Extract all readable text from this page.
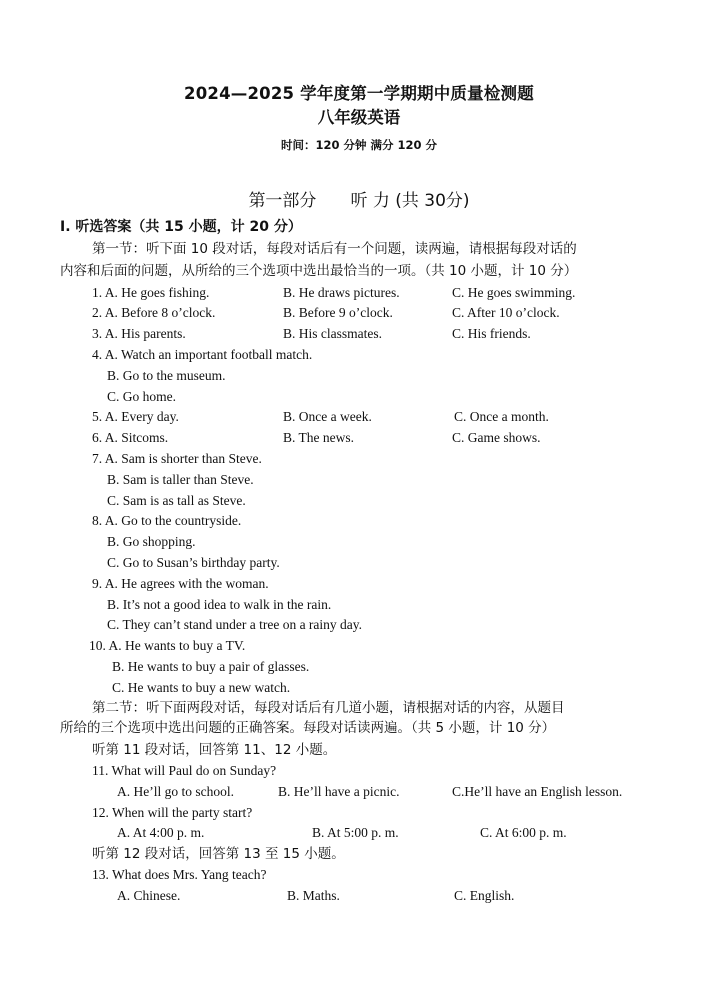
2024—2025 学年度第一学期期中质量检测题
八年级英语
时间：120 分钟 满分 120 分
第一部分 听 力 (共 30分)
I. 听选答案（共 15 小题，计 20 分）
第一节：听下面 10 段对话，每段对话后有一个问题，读两遍，请根据每段对话的
内容和后面的问题，从所给的三个选项中选出最恰当的一项。（共 10 小题，计 10 分）
1. A. He goes fishing.	B. He draws pictures.	C. He goes swimming.
2. A. Before 8 o’clock.	B. Before 9 o’clock.	C. After 10 o’clock.
3. A. His parents.	B. His classmates.	C. His friends.
4. A. Watch an important football match.
B. Go to the museum.
C. Go home.
5. A. Every day.	B. Once a week.	C. Once a month.
6. A. Sitcoms.	B. The news.	C. Game shows.
7. A. Sam is shorter than Steve.
B. Sam is taller than Steve.
C. Sam is as tall as Steve.
8. A. Go to the countryside.
B. Go shopping.
C. Go to Susan’s birthday party.
9. A. He agrees with the woman.
B. It’s not a good idea to walk in the rain.
C. They can’t stand under a tree on a rainy day.
10. A. He wants to buy a TV.
B. He wants to buy a pair of glasses.
C. He wants to buy a new watch.
第二节：听下面两段对话，每段对话后有几道小题，请根据对话的内容，从题目
所给的三个选项中选出问题的正确答案。每段对话读两遍。（共 5 小题，计 10 分）
听第 11 段对话，回答第 11、12 小题。
11. What will Paul do on Sunday?
A. He’ll go to school.	B. He’ll have a picnic.	C.He’ll have an English lesson.
12. When will the party start?
A. At 4:00 p. m.	B. At 5:00 p. m.	C. At 6:00 p. m.
听第 12 段对话，回答第 13 至 15 小题。
13. What does Mrs. Yang teach?
A. Chinese.	B. Maths.	C. English.
